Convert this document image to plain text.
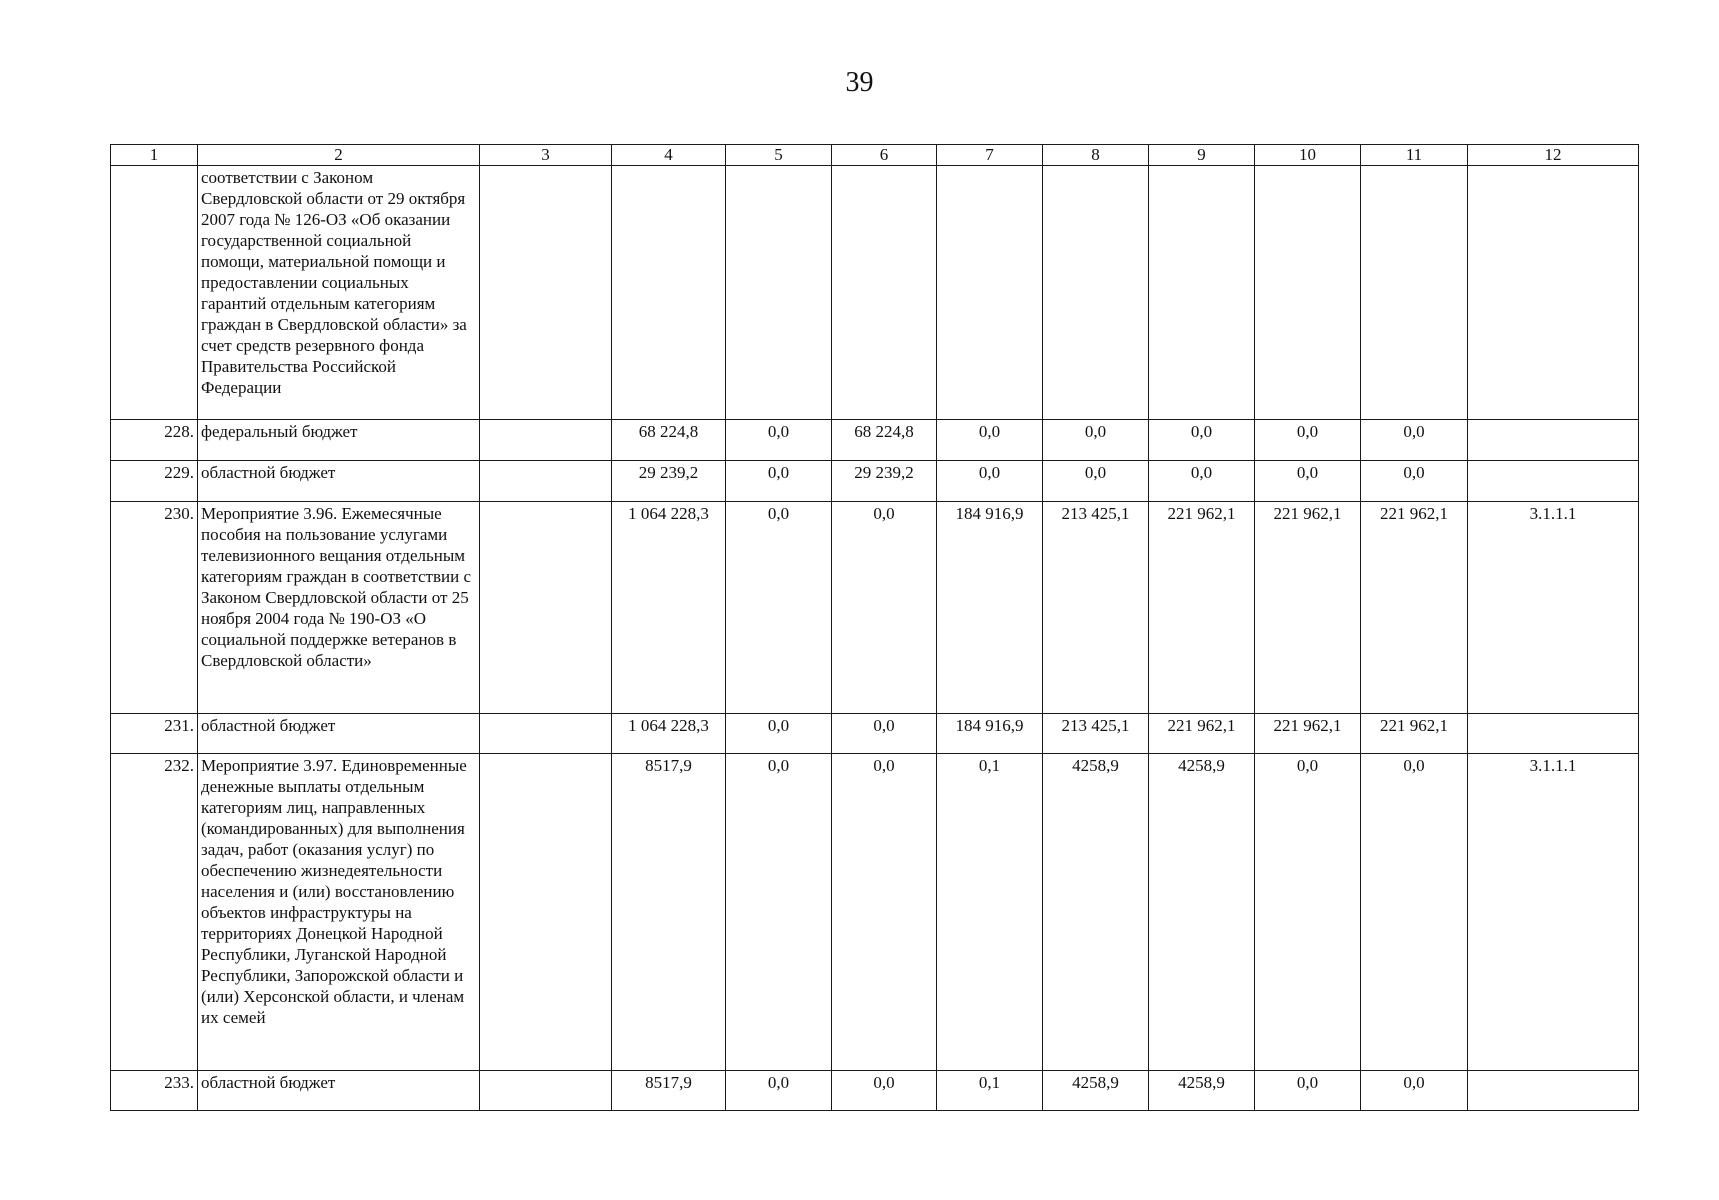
39
1	2	3	4	5	6	7	8	9	10	11	12
	соответствии с Законом Свердловской области от 29 октября 2007 года № 126-ОЗ «Об оказании государственной социальной помощи, материальной помощи и предоставлении социальных гарантий отдельным категориям граждан в Свердловской области» за счет средств резервного фонда Правительства Российской Федерации										
228.	федеральный бюджет		68 224,8	0,0	68 224,8	0,0	0,0	0,0	0,0	0,0	
229.	областной бюджет		29 239,2	0,0	29 239,2	0,0	0,0	0,0	0,0	0,0	
230.	Мероприятие 3.96. Ежемесячные пособия на пользование услугами телевизионного вещания отдельным категориям граждан в соответствии с Законом Свердловской области от 25 ноября 2004 года № 190-ОЗ «О социальной поддержке ветеранов в Свердловской области»		1 064 228,3	0,0	0,0	184 916,9	213 425,1	221 962,1	221 962,1	221 962,1	3.1.1.1
231.	областной бюджет		1 064 228,3	0,0	0,0	184 916,9	213 425,1	221 962,1	221 962,1	221 962,1	
232.	Мероприятие 3.97. Единовременные денежные выплаты отдельным категориям лиц, направленных (командированных) для выполнения задач, работ (оказания услуг) по обеспечению жизнедеятельности населения и (или) восстановлению объектов инфраструктуры на территориях Донецкой Народной Республики, Луганской Народной Республики, Запорожской области и (или) Херсонской области, и членам их семей		8517,9	0,0	0,0	0,1	4258,9	4258,9	0,0	0,0	3.1.1.1
233.	областной бюджет		8517,9	0,0	0,0	0,1	4258,9	4258,9	0,0	0,0	
